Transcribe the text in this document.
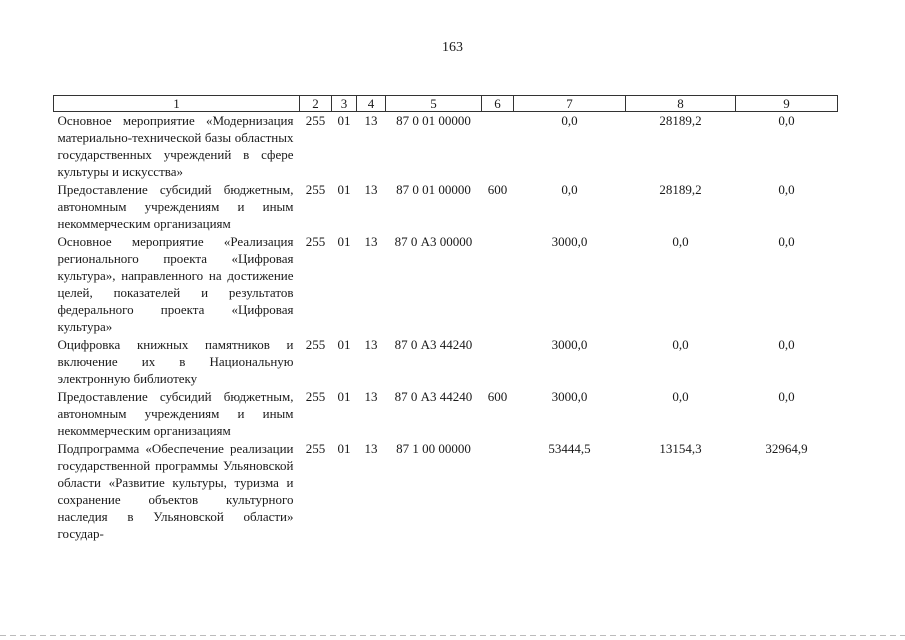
163
1	2	3	4	5	6	7	8	9
Основное мероприятие «Модернизация материально-технической базы областных государственных учреждений в сфере культуры и искусства»	255	01	13	87 0 01 00000		0,0	28189,2	0,0
Предоставление субсидий бюджетным, автономным учреждениям и иным некоммерческим организациям	255	01	13	87 0 01 00000	600	0,0	28189,2	0,0
Основное мероприятие «Реализация регионального проекта «Цифровая культура», направленного на достижение целей, показателей и результатов федерального проекта «Цифровая культура»	255	01	13	87 0 А3 00000		3000,0	0,0	0,0
Оцифровка книжных памятников и включение их в Национальную электронную библиотеку	255	01	13	87 0 А3 44240		3000,0	0,0	0,0
Предоставление субсидий бюджетным, автономным учреждениям и иным некоммерческим организациям	255	01	13	87 0 А3 44240	600	3000,0	0,0	0,0
Подпрограмма «Обеспечение реализации государственной программы Ульяновской области «Развитие культуры, туризма и сохранение объектов культурного наследия в Ульяновской области» государ-	255	01	13	87 1 00 00000		53444,5	13154,3	32964,9
